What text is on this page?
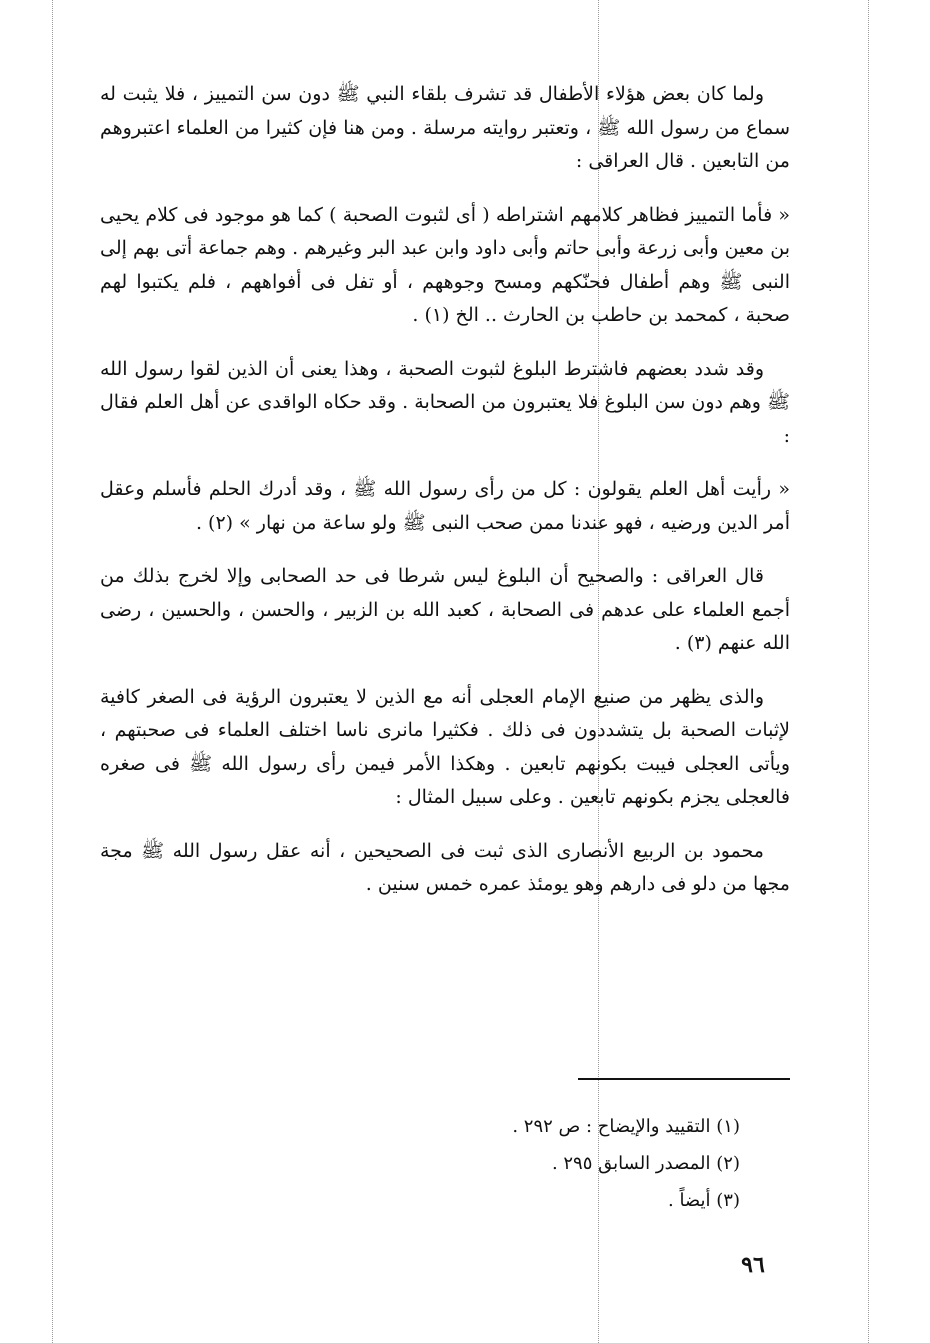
ولما كان بعض هؤلاء الأطفال قد تشرف بلقاء النبي ﷺ دون سن التمييز ، فلا يثبت له سماع من رسول الله ﷺ ، وتعتبر روايته مرسلة . ومن هنا فإن كثيرا من العلماء اعتبروهم من التابعين . قال العراقى :

« فأما التمييز فظاهر كلامهم اشتراطه ( أى لثبوت الصحبة ) كما هو موجود فى كلام يحيى بن معين وأبى زرعة وأبى حاتم وأبى داود وابن عبد البر وغيرهم . وهم جماعة أتى بهم إلى النبى ﷺ وهم أطفال فحنّكهم ومسح وجوههم ، أو تفل فى أفواههم ، فلم يكتبوا لهم صحبة ، كمحمد بن حاطب بن الحارث .. الخ (١) .

وقد شدد بعضهم فاشترط البلوغ لثبوت الصحبة ، وهذا يعنى أن الذين لقوا رسول الله ﷺ وهم دون سن البلوغ فلا يعتبرون من الصحابة . وقد حكاه الواقدى عن أهل العلم فقال :

« رأيت أهل العلم يقولون : كل من رأى رسول الله ﷺ ، وقد أدرك الحلم فأسلم وعقل أمر الدين ورضيه ، فهو عندنا ممن صحب النبى ﷺ ولو ساعة من نهار » (٢) .

قال العراقى : والصحيح أن البلوغ ليس شرطا فى حد الصحابى وإلا لخرج بذلك من أجمع العلماء على عدهم فى الصحابة ، كعبد الله بن الزبير ، والحسن ، والحسين ، رضى الله عنهم (٣) .

والذى يظهر من صنيع الإمام العجلى أنه مع الذين لا يعتبرون الرؤية فى الصغر كافية لإثبات الصحبة بل يتشددون فى ذلك . فكثيرا مانرى ناسا اختلف العلماء فى صحبتهم ، ويأتى العجلى فيبت بكونهم تابعين . وهكذا الأمر فيمن رأى رسول الله ﷺ فى صغره فالعجلى يجزم بكونهم تابعين . وعلى سبيل المثال :

محمود بن الربيع الأنصارى الذى ثبت فى الصحيحين ، أنه عقل رسول الله ﷺ مجة مجها من دلو فى دارهم وهو يومئذ عمره خمس سنين .

(١) التقييد والإيضاح : ص ٢٩٢ .

(٢) المصدر السابق ٢٩٥ .

(٣) أيضاً .

٩٦
